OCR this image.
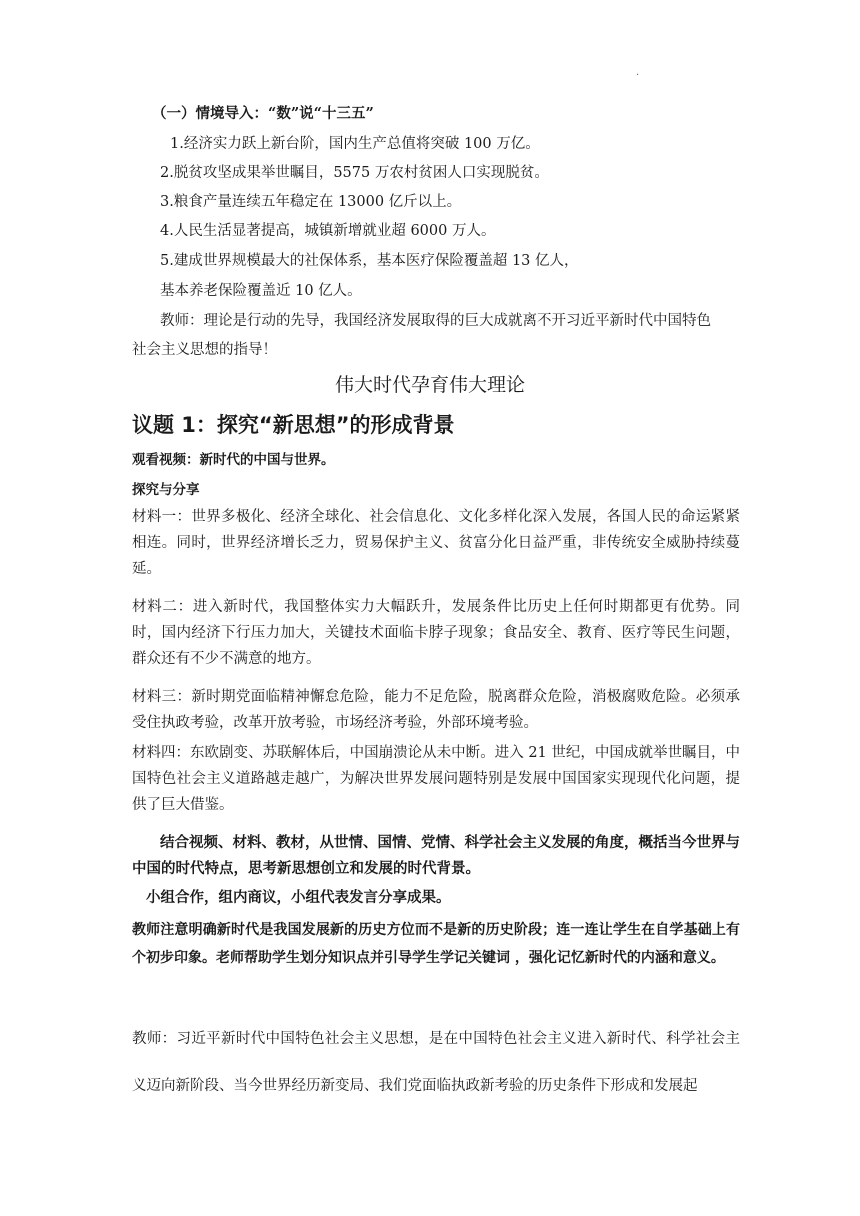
·
（一）情境导入：“数”说“十三五”
1.经济实力跃上新台阶，国内生产总值将突破 100 万亿。
2.脱贫攻坚成果举世瞩目，5575 万农村贫困人口实现脱贫。
3.粮食产量连续五年稳定在 13000 亿斤以上。
4.人民生活显著提高，城镇新增就业超 6000 万人。
5.建成世界规模最大的社保体系，基本医疗保险覆盖超 13 亿人，
基本养老保险覆盖近 10 亿人。
教师：理论是行动的先导，我国经济发展取得的巨大成就离不开习近平新时代中国特色
社会主义思想的指导！
伟大时代孕育伟大理论
议题 1：探究“新思想”的形成背景
观看视频：新时代的中国与世界。
探究与分享
材料一：世界多极化、经济全球化、社会信息化、文化多样化深入发展，各国人民的命运紧紧相连。同时，世界经济增长乏力，贸易保护主义、贫富分化日益严重，非传统安全威胁持续蔓延。
材料二：进入新时代，我国整体实力大幅跃升，发展条件比历史上任何时期都更有优势。同时，国内经济下行压力加大，关键技术面临卡脖子现象；食品安全、教育、医疗等民生问题，群众还有不少不满意的地方。
材料三：新时期党面临精神懈怠危险，能力不足危险，脱离群众危险，消极腐败危险。必须承受住执政考验，改革开放考验，市场经济考验，外部环境考验。
材料四：东欧剧变、苏联解体后，中国崩溃论从未中断。进入 21 世纪，中国成就举世瞩目，中国特色社会主义道路越走越广，为解决世界发展问题特别是发展中国国家实现现代化问题，提供了巨大借鉴。
结合视频、材料、教材，从世情、国情、党情、科学社会主义发展的角度，概括当今世界与中国的时代特点，思考新思想创立和发展的时代背景。
小组合作，组内商议，小组代表发言分享成果。
教师注意明确新时代是我国发展新的历史方位而不是新的历史阶段；连一连让学生在自学基础上有个初步印象。老师帮助学生划分知识点并引导学生学记关键词 ，强化记忆新时代的内涵和意义。
教师：习近平新时代中国特色社会主义思想，是在中国特色社会主义进入新时代、科学社会主义迈向新阶段、当今世界经历新变局、我们党面临执政新考验的历史条件下形成和发展起
